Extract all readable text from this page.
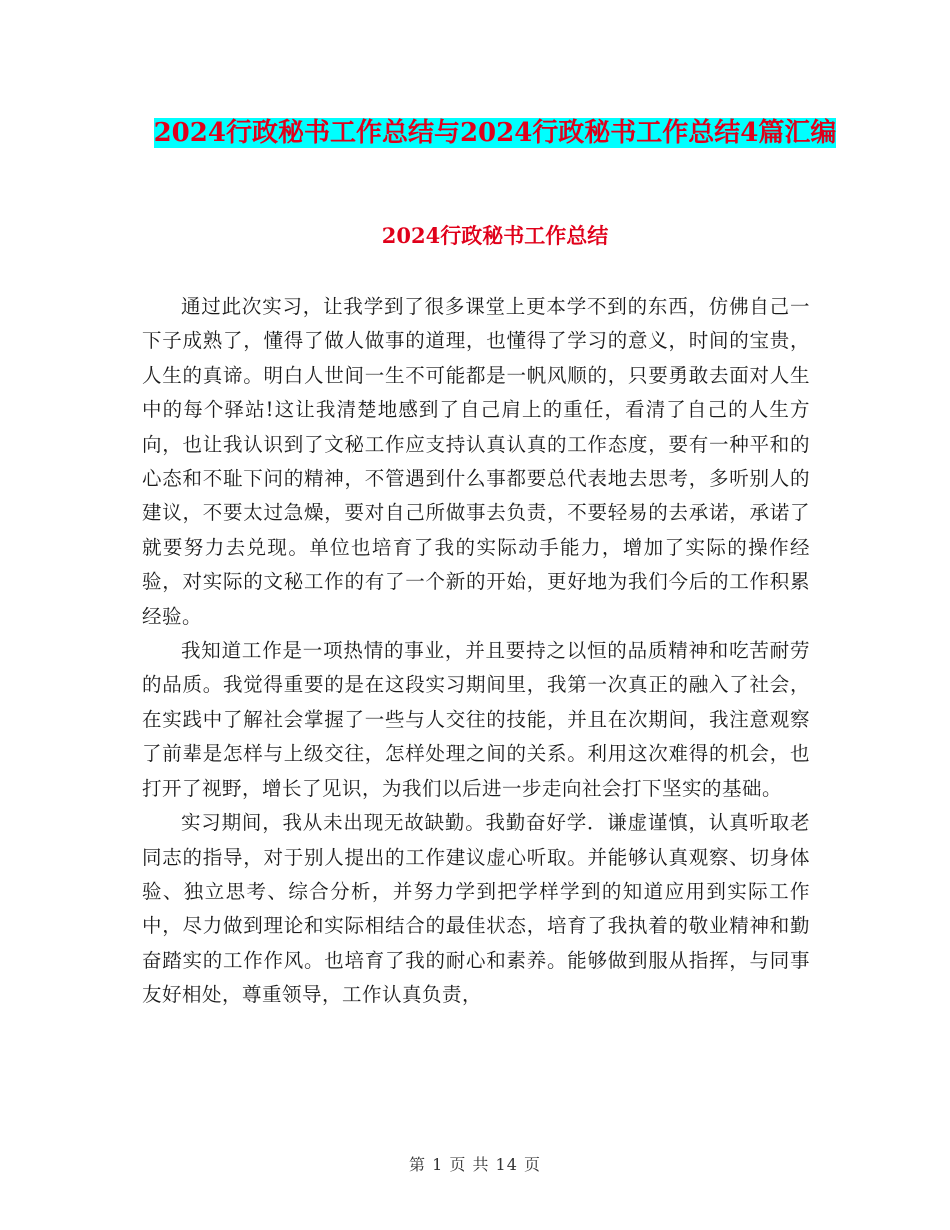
2024行政秘书工作总结与2024行政秘书工作总结4篇汇编
2024行政秘书工作总结

通过此次实习，让我学到了很多课堂上更本学不到的东西，仿佛自己一下子成熟了，懂得了做人做事的道理，也懂得了学习的意义，时间的宝贵，人生的真谛。明白人世间一生不可能都是一帆风顺的，只要勇敢去面对人生中的每个驿站!这让我清楚地感到了自己肩上的重任，看清了自己的人生方向，也让我认识到了文秘工作应支持认真认真的工作态度，要有一种平和的心态和不耻下问的精神，不管遇到什么事都要总代表地去思考，多听别人的建议，不要太过急燥，要对自己所做事去负责，不要轻易的去承诺，承诺了就要努力去兑现。单位也培育了我的实际动手能力，增加了实际的操作经验，对实际的文秘工作的有了一个新的开始，更好地为我们今后的工作积累经验。

我知道工作是一项热情的事业，并且要持之以恒的品质精神和吃苦耐劳的品质。我觉得重要的是在这段实习期间里，我第一次真正的融入了社会，在实践中了解社会掌握了一些与人交往的技能，并且在次期间，我注意观察了前辈是怎样与上级交往，怎样处理之间的关系。利用这次难得的机会，也打开了视野，增长了见识，为我们以后进一步走向社会打下坚实的基础。

实习期间，我从未出现无故缺勤。我勤奋好学．谦虚谨慎，认真听取老同志的指导，对于别人提出的工作建议虚心听取。并能够认真观察、切身体验、独立思考、综合分析，并努力学到把学样学到的知道应用到实际工作中，尽力做到理论和实际相结合的最佳状态，培育了我执着的敬业精神和勤奋踏实的工作作风。也培育了我的耐心和素养。能够做到服从指挥，与同事友好相处，尊重领导，工作认真负责，

第 1 页 共 14 页
